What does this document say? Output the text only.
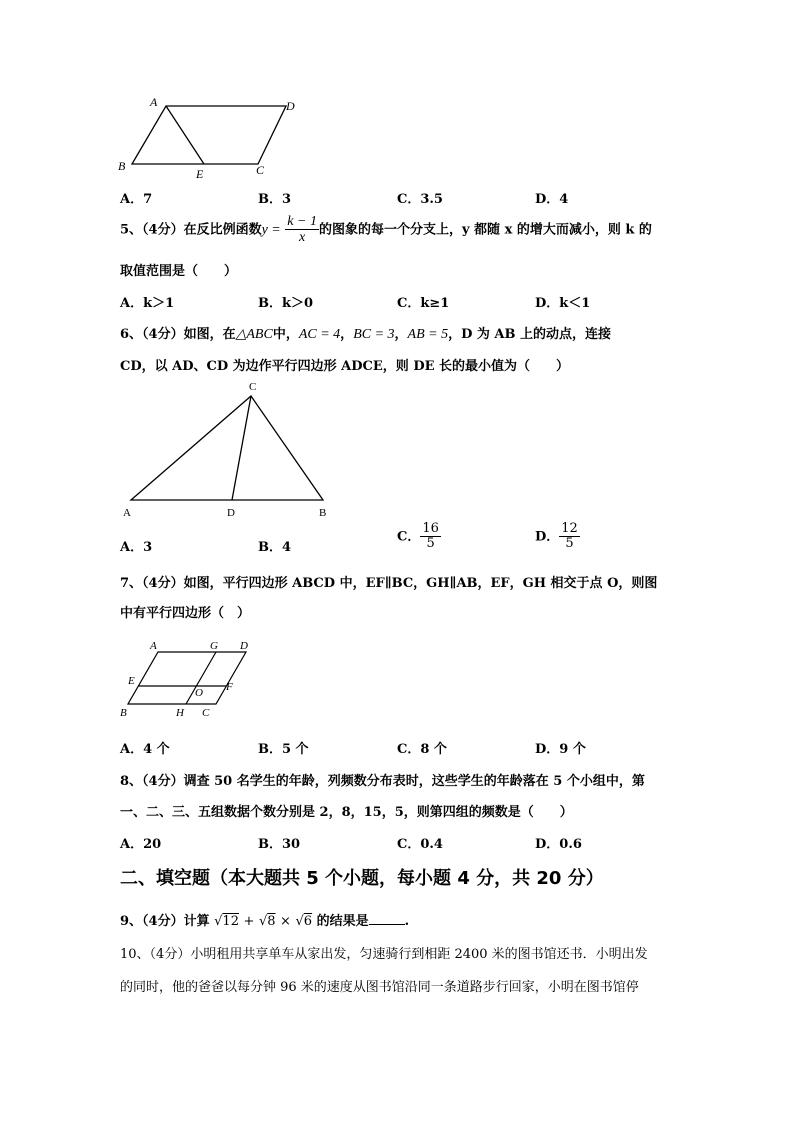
A	D
B
E	C
A．7	B．3	C．3.5	D．4
5、（4分）在反比例函数$y = \frac{k - 1}{x}$ 的图象的每一个分支上，y 都随 x 的增大而减小，则 k 的
取值范围是（　　）
A．k＞1	B．k＞0	C．k≥1	D．k＜1
6、（4分）如图，在△ABC中，AC = 4，BC = 3，AB = 5，D 为 AB 上的动点，连接
CD，以 AD、CD 为边作平行四边形 ADCE，则 DE 长的最小值为（　　）
C
A	D	B
A．3	B．4
C． $\frac{16}{5}$	D． $\frac{12}{5}$
7、（4分）如图，平行四边形 ABCD 中，EF∥BC，GH∥AB，EF，GH 相交于点 O，则图
中有平行四边形（　）
A	G D
E
O F
B	H C
A．4 个	B．5 个	C．8 个	D．9 个
8、（4分）调查 50 名学生的年龄，列频数分布表时，这些学生的年龄落在 5 个小组中，第
一、二、三、五组数据个数分别是 2，8，15，5，则第四组的频数是（　　）
A．20	B．30	C．0.4	D．0.6
二、填空题（本大题共 5 个小题，每小题 4 分，共 20 分）
9、（4分）计算 √12 + √8 × √6 的结果是	.
10、（4分）小明租用共享单车从家出发，匀速骑行到相距 2400 米的图书馆还书．小明出发
的同时，他的爸爸以每分钟 96 米的速度从图书馆沿同一条道路步行回家，小明在图书馆停
